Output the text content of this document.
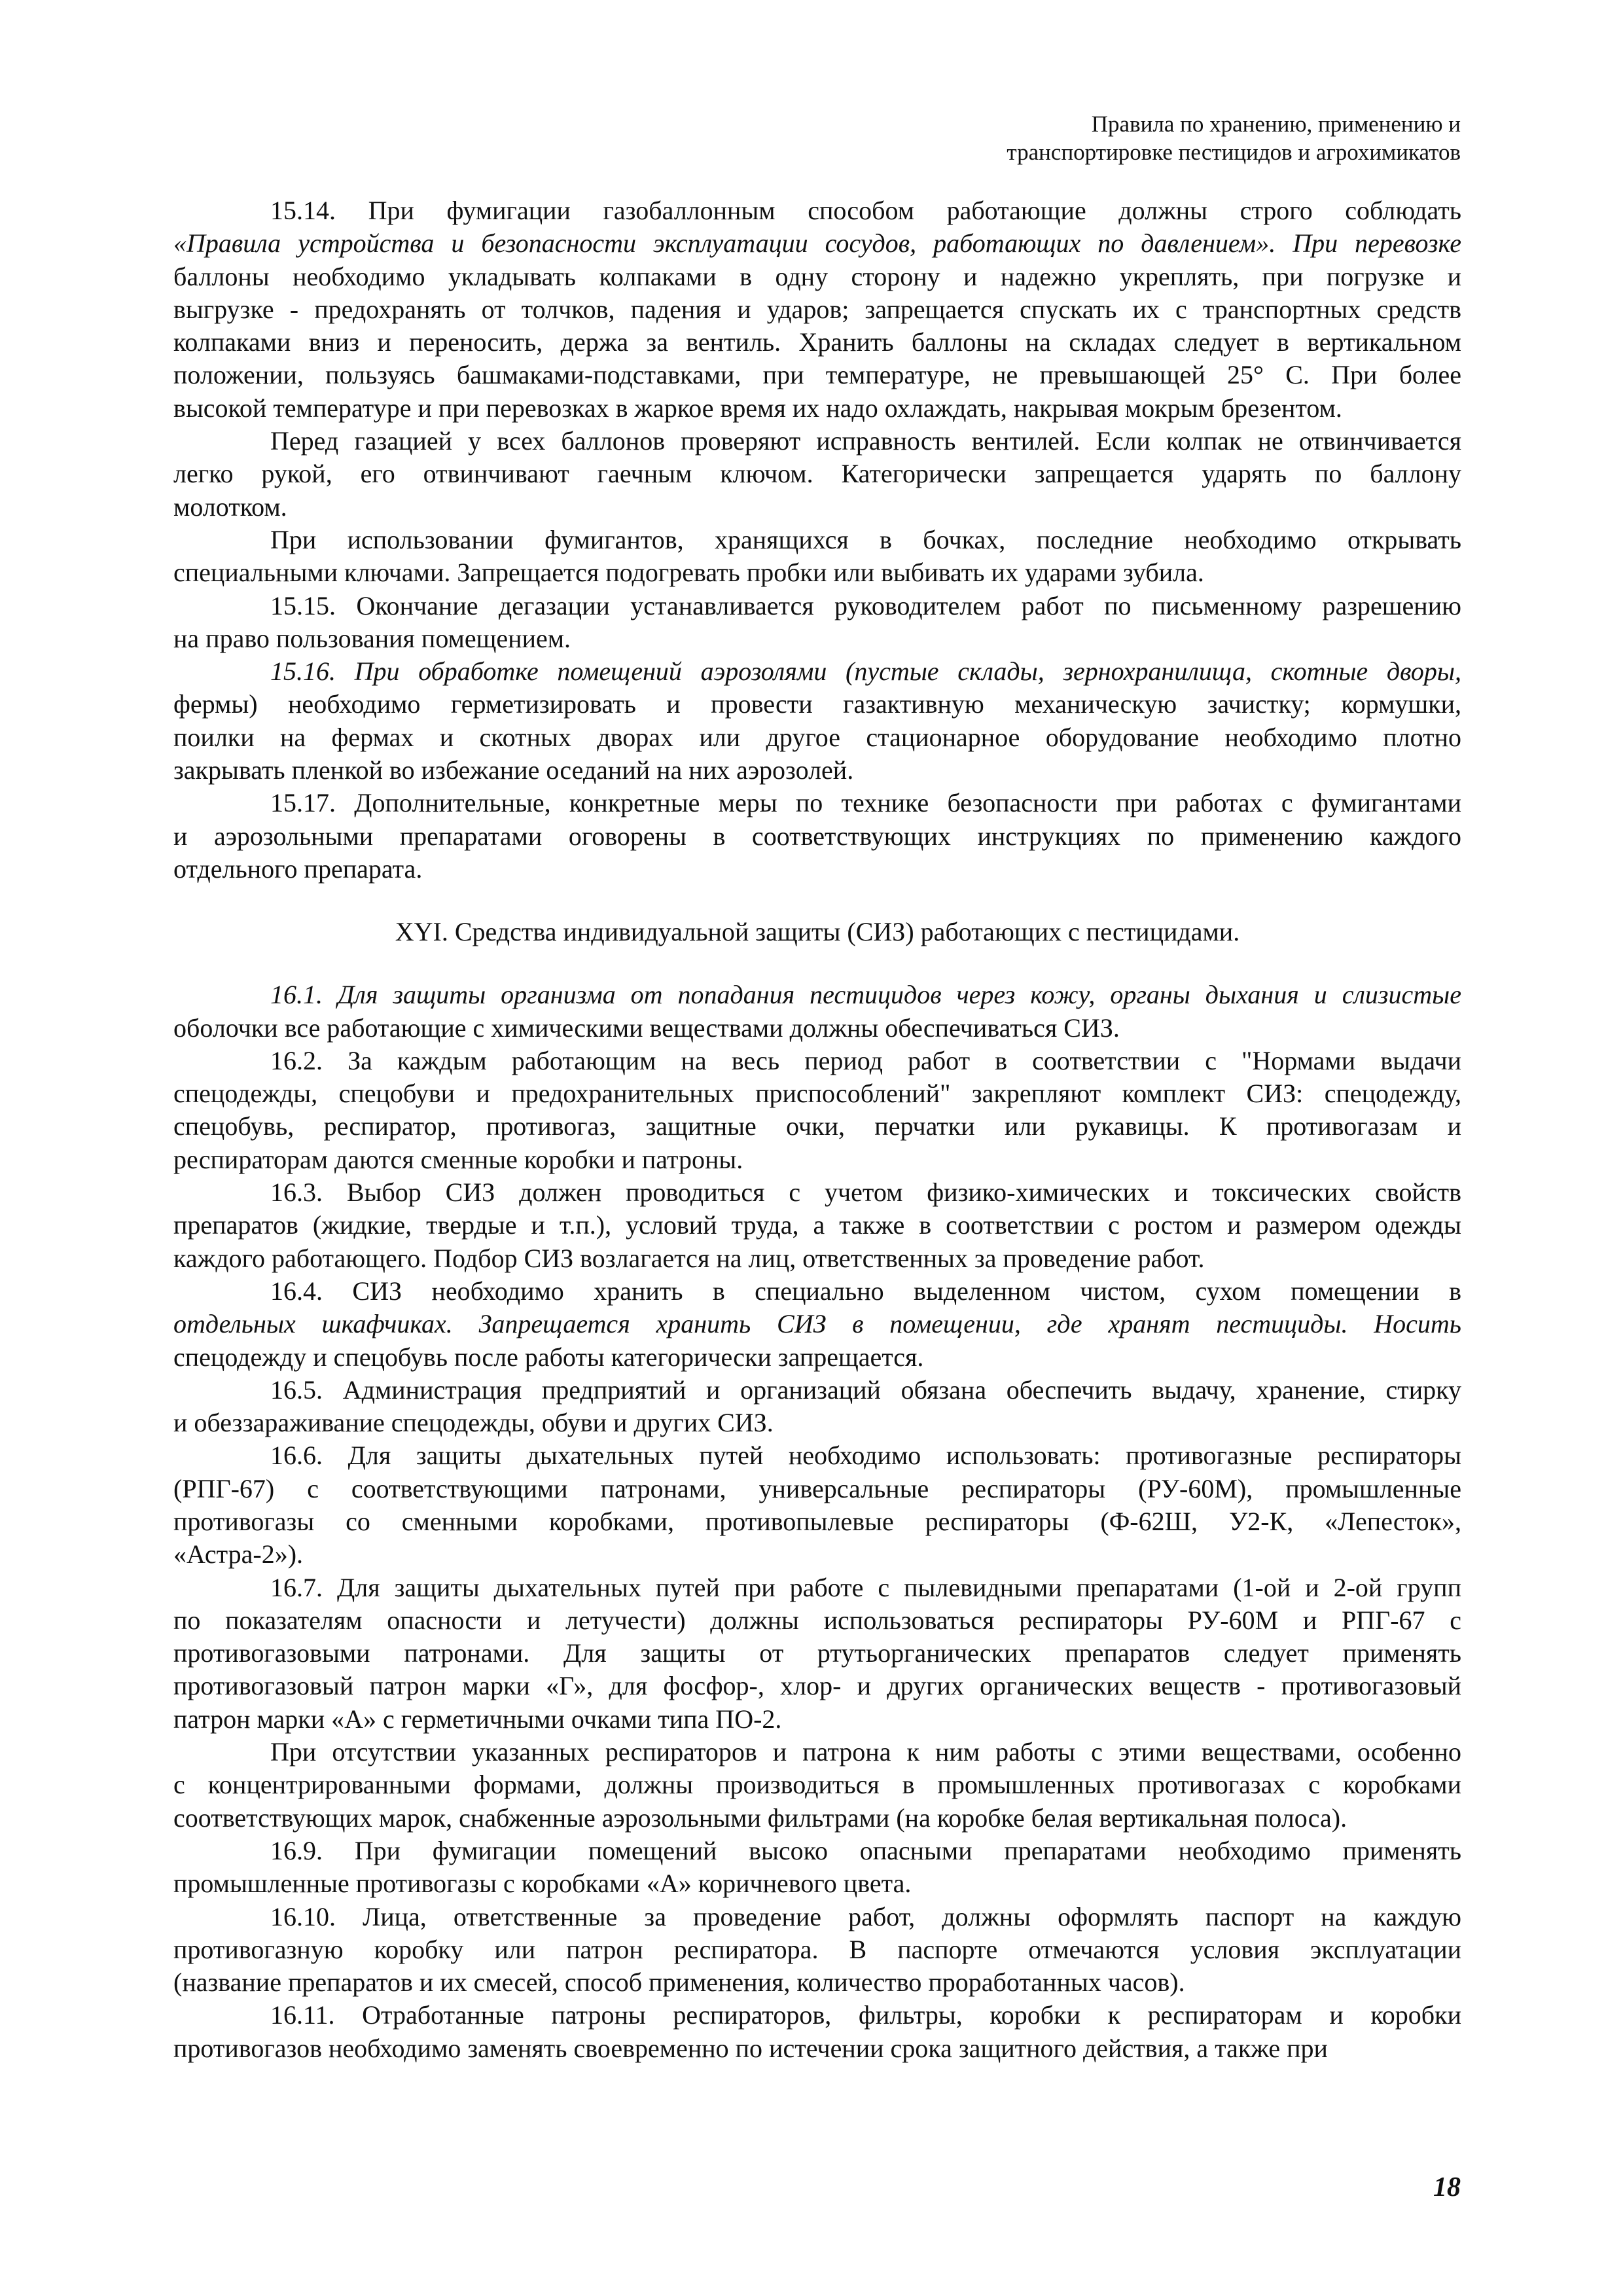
Правила по хранению, применению и
транспортировке пестицидов и агрохимикатов
15.14. При фумигации газобаллонным способом работающие должны строго соблюдать
«Правила устройства и безопасности эксплуатации сосудов, работающих по давлением». При перевозке
баллоны необходимо укладывать колпаками в одну сторону и надежно укреплять, при погрузке и
выгрузке - предохранять от толчков, падения и ударов; запрещается спускать их с транспортных средств
колпаками вниз и переносить, держа за вентиль. Хранить баллоны на складах следует в вертикальном
положении, пользуясь башмаками-подставками, при температуре, не превышающей 25° С. При более
высокой температуре и при перевозках в жаркое время их надо охлаждать, накрывая мокрым брезентом.
Перед газацией у всех баллонов проверяют исправность вентилей. Если колпак не отвинчивается
легко рукой, его отвинчивают гаечным ключом. Категорически запрещается ударять по баллону
молотком.
При использовании фумигантов, хранящихся в бочках, последние необходимо открывать
специальными ключами. Запрещается подогревать пробки или выбивать их ударами зубила.
15.15. Окончание дегазации устанавливается руководителем работ по письменному разрешению
на право пользования помещением.
15.16. При обработке помещений аэрозолями (пустые склады, зернохранилища, скотные дворы,
фермы) необходимо герметизировать и провести газактивную механическую зачистку; кормушки,
поилки на фермах и скотных дворах или другое стационарное оборудование необходимо плотно
закрывать пленкой во избежание оседаний на них аэрозолей.
15.17. Дополнительные, конкретные меры по технике безопасности при работах с фумигантами
и аэрозольными препаратами оговорены в соответствующих инструкциях по применению каждого
отдельного препарата.
XYI. Средства индивидуальной защиты (СИЗ) работающих с пестицидами.
16.1. Для защиты организма от попадания пестицидов через кожу, органы дыхания и слизистые
оболочки все работающие с химическими веществами должны обеспечиваться СИЗ.
16.2. За каждым работающим на весь период работ в соответствии с "Нормами выдачи
спецодежды, спецобуви и предохранительных приспособлений" закрепляют комплект СИЗ: спецодежду,
спецобувь, респиратор, противогаз, защитные очки, перчатки или рукавицы. К противогазам и
респираторам даются сменные коробки и патроны.
16.3. Выбор СИЗ должен проводиться с учетом физико-химических и токсических свойств
препаратов (жидкие, твердые и т.п.), условий труда, а также в соответствии с ростом и размером одежды
каждого работающего. Подбор СИЗ возлагается на лиц, ответственных за проведение работ.
16.4. СИЗ необходимо хранить в специально выделенном чистом, сухом помещении в
отдельных шкафчиках. Запрещается хранить СИЗ в помещении, где хранят пестициды. Носить
спецодежду и спецобувь после работы категорически запрещается.
16.5. Администрация предприятий и организаций обязана обеспечить выдачу, хранение, стирку
и обеззараживание спецодежды, обуви и других СИЗ.
16.6. Для защиты дыхательных путей необходимо использовать: противогазные респираторы
(РПГ-67) с соответствующими патронами, универсальные респираторы (РУ-60М), промышленные
противогазы со сменными коробками, противопылевые респираторы (Ф-62Ш, У2-К, «Лепесток»,
«Астра-2»).
16.7. Для защиты дыхательных путей при работе с пылевидными препаратами (1-ой и 2-ой групп
по показателям опасности и летучести) должны использоваться респираторы РУ-60М и РПГ-67 с
противогазовыми патронами. Для защиты от ртутьорганических препаратов следует применять
противогазовый патрон марки «Г», для фосфор-, хлор- и других органических веществ - противогазовый
патрон марки «А» с герметичными очками типа ПО-2.
При отсутствии указанных респираторов и патрона к ним работы с этими веществами, особенно
с концентрированными формами, должны производиться в промышленных противогазах с коробками
соответствующих марок, снабженные аэрозольными фильтрами (на коробке белая вертикальная полоса).
16.9. При фумигации помещений высоко опасными препаратами необходимо применять
промышленные противогазы с коробками «А» коричневого цвета.
16.10. Лица, ответственные за проведение работ, должны оформлять паспорт на каждую
противогазную коробку или патрон респиратора. В паспорте отмечаются условия эксплуатации
(название препаратов и их смесей, способ применения, количество проработанных часов).
16.11. Отработанные патроны респираторов, фильтры, коробки к респираторам и коробки
противогазов необходимо заменять своевременно по истечении срока защитного действия, а также при
18
